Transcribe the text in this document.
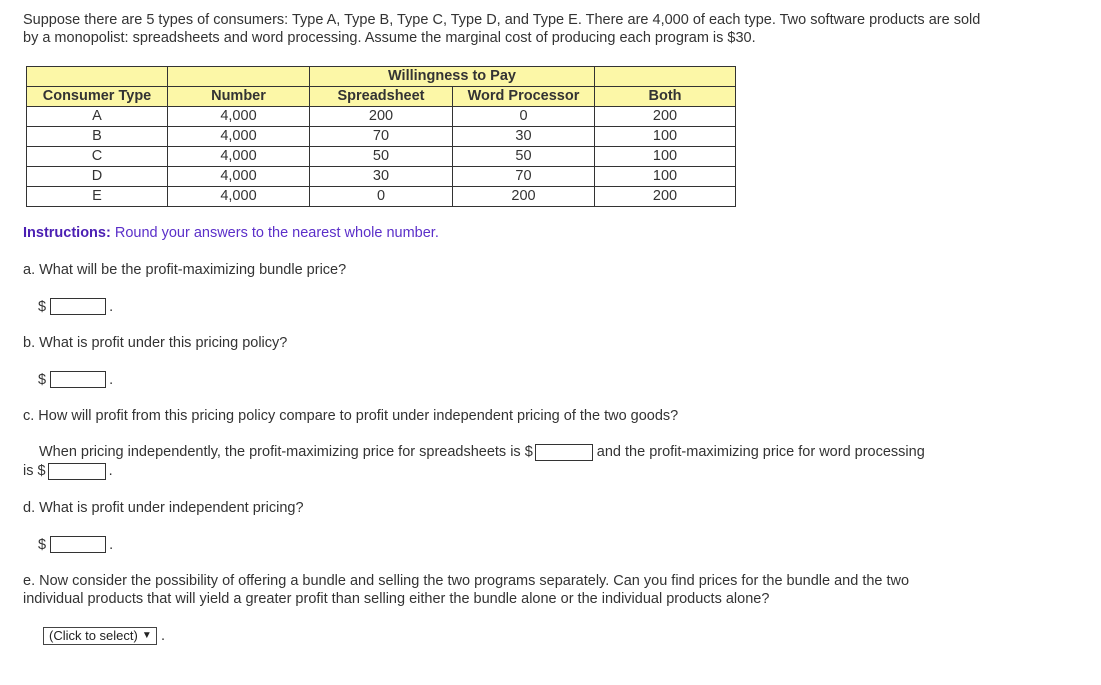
Suppose there are 5 types of consumers: Type A, Type B, Type C, Type D, and Type E. There are 4,000 of each type. Two software products are sold by a monopolist: spreadsheets and word processing. Assume the marginal cost of producing each program is $30.
		Willingness to Pay		
Consumer Type	Number	Spreadsheet	Word Processor	Both
A	4,000	200	0	200
B	4,000	70	30	100
C	4,000	50	50	100
D	4,000	30	70	100
E	4,000	0	200	200
Instructions: Round your answers to the nearest whole number.
a. What will be the profit-maximizing bundle price?
$	.
b. What is profit under this pricing policy?
$	.
c. How will profit from this pricing policy compare to profit under independent pricing of the two goods?
When pricing independently, the profit-maximizing price for spreadsheets is $	and the profit-maximizing price for word processing is $	.
d. What is profit under independent pricing?
$	.
e. Now consider the possibility of offering a bundle and selling the two programs separately. Can you find prices for the bundle and the two individual products that will yield a greater profit than selling either the bundle alone or the individual products alone?
(Click to select) ▼ .
